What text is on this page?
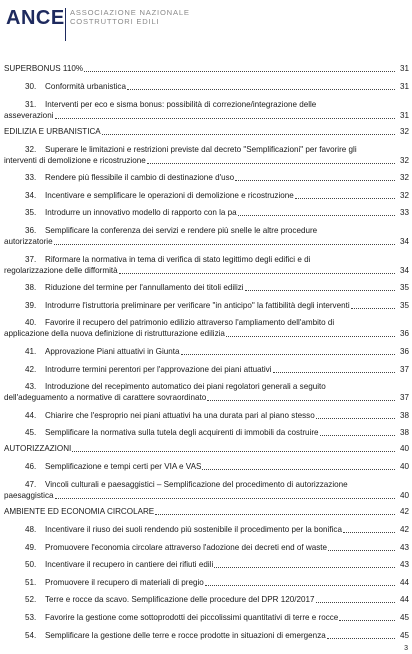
ANCE ASSOCIAZIONE NAZIONALE
COSTRUTTORI EDILI
SUPERBONUS 110%	31
30.	Conformità urbanistica	31
31.	Interventi per eco e sisma bonus: possibilità di correzione/integrazione delle
asseverazioni	31
EDILIZIA E URBANISTICA	32
32.	Superare le limitazioni e restrizioni previste dal decreto "Semplificazioni" per favorire gli
interventi di demolizione e ricostruzione	32
33.	Rendere più flessibile il cambio di destinazione d'uso	32
34.	Incentivare e semplificare le operazioni di demolizione e ricostruzione	32
35.	Introdurre un innovativo modello di rapporto con la pa	33
36.	Semplificare la conferenza dei servizi e rendere più snelle le altre procedure
autorizzatorie	34
37.	Riformare la normativa in tema di verifica di stato legittimo degli edifici e di
regolarizzazione delle difformità	34
38.	Riduzione del termine per l'annullamento dei titoli edilizi	35
39.	Introdurre l'istruttoria preliminare per verificare "in anticipo" la fattibilità degli interventi	35
40.	Favorire il recupero del patrimonio edilizio attraverso l'ampliamento dell'ambito di
applicazione della nuova definizione di ristrutturazione edilizia	36
41.	Approvazione Piani attuativi in Giunta	36
42.	Introdurre termini perentori per l'approvazione dei piani attuativi	37
43.	Introduzione del recepimento automatico dei piani regolatori generali a seguito
dell'adeguamento a normative di carattere sovraordinato	37
44.	Chiarire che l'esproprio nei piani attuativi ha una durata pari al piano stesso	38
45.	Semplificare la normativa sulla tutela degli acquirenti di immobili da costruire	38
AUTORIZZAZIONI	40
46.	Semplificazione e tempi certi per VIA e VAS	40
47.	Vincoli culturali e paesaggistici – Semplificazione del procedimento di autorizzazione
paesaggistica	40
AMBIENTE ED ECONOMIA CIRCOLARE	42
48.	Incentivare il riuso dei suoli rendendo più sostenibile il procedimento per la bonifica	42
49.	Promuovere l'economia circolare attraverso l'adozione dei decreti end of waste	43
50.	Incentivare il recupero in cantiere dei rifiuti edili	43
51.	Promuovere il recupero di materiali di pregio	44
52.	Terre e rocce da scavo. Semplificazione delle procedure del DPR 120/2017	44
53.	Favorire la gestione come sottoprodotti dei piccolissimi quantitativi di terre e rocce	45
54.	Semplificare la gestione delle terre e rocce prodotte in situazioni di emergenza	45
3
